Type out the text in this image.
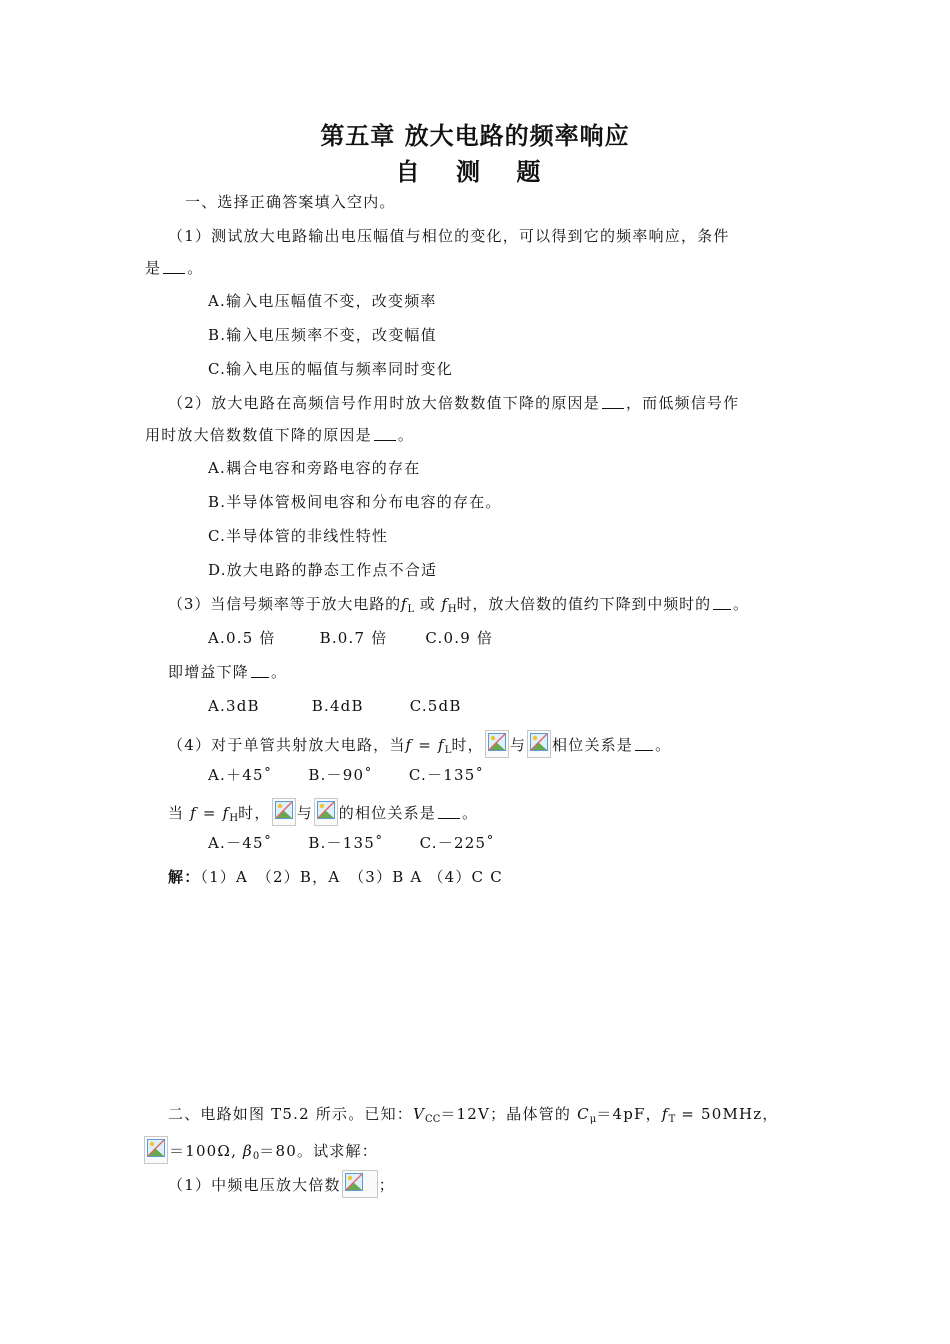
第五章 放大电路的频率响应
自 测 题
一、选择正确答案填入空内。
（1）测试放大电路输出电压幅值与相位的变化，可以得到它的频率响应，条件
是 。
A.输入电压幅值不变，改变频率
B.输入电压频率不变，改变幅值
C.输入电压的幅值与频率同时变化
（2）放大电路在高频信号作用时放大倍数数值下降的原因是 ，而低频信号作
用时放大倍数数值下降的原因是 。
A.耦合电容和旁路电容的存在
B.半导体管极间电容和分布电容的存在。
C.半导体管的非线性特性
D.放大电路的静态工作点不合适
（3）当信号频率等于放大电路的$f_L$ 或 $f_H$时，放大倍数的值约下降到中频时的 。
A.0.5 倍	B.0.7 倍	C.0.9 倍
即增益下降 。
A.3dB	B.4dB	C.5dB
（4）对于单管共射放大电路，当$f = f_L$时， 与 相位关系是 。
A.＋45˚ B.－90˚ C.－135˚
当 $f = f_H$时， 与 的相位关系是 。
A.－45˚ B.－135˚ C.－225˚
解：（1）A　（2）B，A　（3）B A （4）C C
二、电路如图 T5.2 所示。已知：$V_{CC}=12V$；晶体管的 $C_\mu=4pF$，$f_T = 50MHz$，
＝100Ω, $\beta_0=80$。试求解：
（1）中频电压放大倍数	；
